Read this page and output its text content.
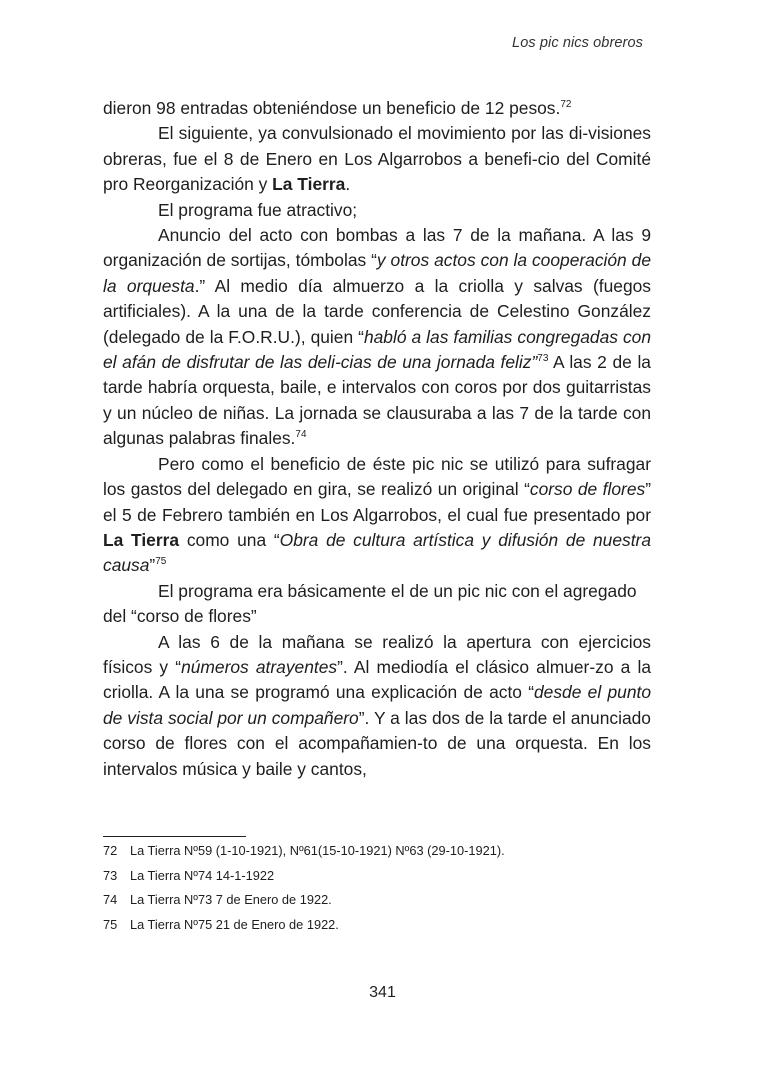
Los pic nics obreros

dieron 98 entradas obteniéndose un beneficio de 12 pesos.$^{72}$

El siguiente, ya convulsionado el movimiento por las di-visiones obreras, fue el 8 de Enero en Los Algarrobos a benefi-cio del Comité pro Reorganización y La Tierra.

El programa fue atractivo;

Anuncio del acto con bombas a las 7 de la mañana. A las 9 organización de sortijas, tómbolas “y otros actos con la cooperación de la orquesta.” Al medio día almuerzo a la criolla y salvas (fuegos artificiales). A la una de la tarde conferencia de Celestino González (delegado de la F.O.R.U.), quien “habló a las familias congregadas con el afán de disfrutar de las deli-cias de una jornada feliz”$^{73}$ A las 2 de la tarde habría orquesta, baile, e intervalos con coros por dos guitarristas y un núcleo de niñas. La jornada se clausuraba a las 7 de la tarde con algunas palabras finales.$^{74}$

Pero como el beneficio de éste pic nic se utilizó para sufragar los gastos del delegado en gira, se realizó un original “corso de flores” el 5 de Febrero también en Los Algarrobos, el cual fue presentado por La Tierra como una “Obra de cultura artística y difusión de nuestra causa”$^{75}$

El programa era básicamente el de un pic nic con el agregado del “corso de flores”

A las 6 de la mañana se realizó la apertura con ejercicios físicos y “números atrayentes”. Al mediodía el clásico almuer-zo a la criolla. A la una se programó una explicación de acto “desde el punto de vista social por un compañero”. Y a las dos de la tarde el anunciado corso de flores con el acompañamien-to de una orquesta. En los intervalos música y baile y cantos,

72 La Tierra Nº59 (1-10-1921), Nº61(15-10-1921) Nº63 (29-10-1921).
73 La Tierra Nº74 14-1-1922
74 La Tierra Nº73 7 de Enero de 1922.
75 La Tierra Nº75 21 de Enero de 1922.
341
